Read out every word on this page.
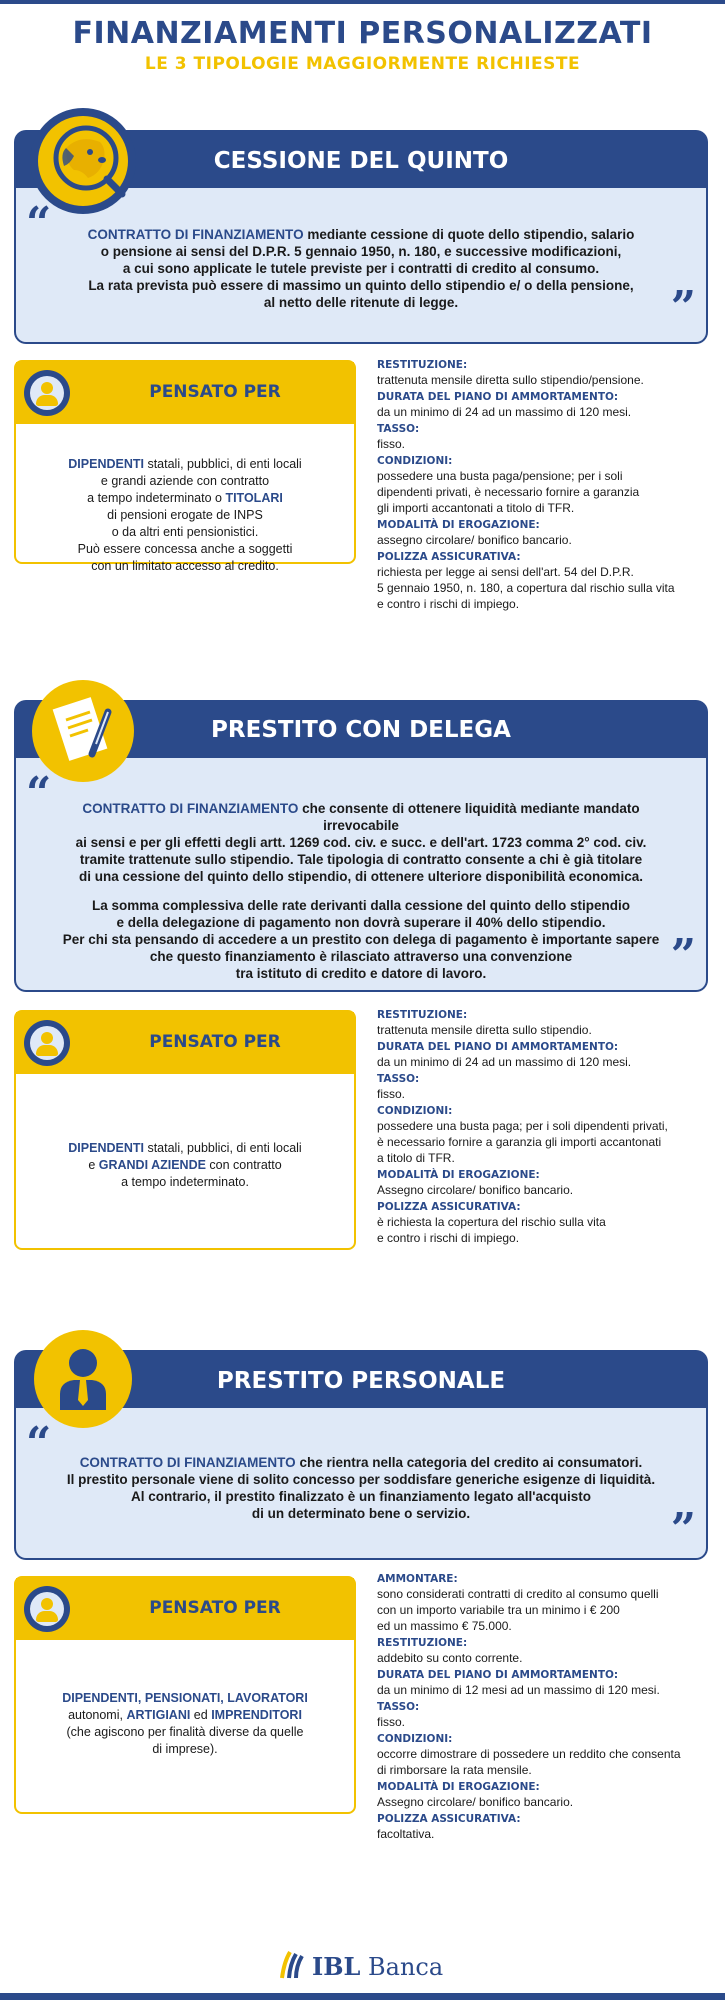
FINANZIAMENTI PERSONALIZZATI
LE 3 TIPOLOGIE MAGGIORMENTE RICHIESTE
CESSIONE DEL QUINTO
“	CONTRATTO DI FINANZIAMENTO mediante cessione di quote dello stipendio, salario
o pensione ai sensi del D.P.R. 5 gennaio 1950, n. 180, e successive modificazioni,
a cui sono applicate le tutele previste per i contratti di credito al consumo.
La rata prevista può essere di massimo un quinto dello stipendio e/ o della pensione,
al netto delle ritenute di legge.	”
PENSATO PER
DIPENDENTI statali, pubblici, di enti locali
e grandi aziende con contratto
a tempo indeterminato o TITOLARI
di pensioni erogate de INPS
o da altri enti pensionistici.
Può essere concessa anche a soggetti
con un limitato accesso al credito.
RESTITUZIONE:
trattenuta mensile diretta sullo stipendio/pensione.
DURATA DEL PIANO DI AMMORTAMENTO:
da un minimo di 24 ad un massimo di 120 mesi.
TASSO:
fisso.
CONDIZIONI:
possedere una busta paga/pensione; per i soli
dipendenti privati, è necessario fornire a garanzia
gli importi accantonati a titolo di TFR.
MODALITÀ DI EROGAZIONE:
assegno circolare/ bonifico bancario.
POLIZZA ASSICURATIVA:
richiesta per legge ai sensi dell'art. 54 del D.P.R.
5 gennaio 1950, n. 180, a copertura dal rischio sulla vita
e contro i rischi di impiego.
PRESTITO CON DELEGA
“	CONTRATTO DI FINANZIAMENTO che consente di ottenere liquidità mediante mandato irrevocabile
ai sensi e per gli effetti degli artt. 1269 cod. civ. e succ. e dell'art. 1723 comma 2° cod. civ.
tramite trattenute sullo stipendio. Tale tipologia di contratto consente a chi è già titolare
di una cessione del quinto dello stipendio, di ottenere ulteriore disponibilità economica.
La somma complessiva delle rate derivanti dalla cessione del quinto dello stipendio
e della delegazione di pagamento non dovrà superare il 40% dello stipendio.
Per chi sta pensando di accedere a un prestito con delega di pagamento è importante sapere
che questo finanziamento è rilasciato attraverso una convenzione
tra istituto di credito e datore di lavoro.	”
PENSATO PER
DIPENDENTI statali, pubblici, di enti locali
e GRANDI AZIENDE con contratto
a tempo indeterminato.
RESTITUZIONE:
trattenuta mensile diretta sullo stipendio.
DURATA DEL PIANO DI AMMORTAMENTO:
da un minimo di 24 ad un massimo di 120 mesi.
TASSO:
fisso.
CONDIZIONI:
possedere una busta paga; per i soli dipendenti privati,
è necessario fornire a garanzia gli importi accantonati
a titolo di TFR.
MODALITÀ DI EROGAZIONE:
Assegno circolare/ bonifico bancario.
POLIZZA ASSICURATIVA:
è richiesta la copertura del rischio sulla vita
e contro i rischi di impiego.
PRESTITO PERSONALE
“	CONTRATTO DI FINANZIAMENTO che rientra nella categoria del credito ai consumatori.
Il prestito personale viene di solito concesso per soddisfare generiche esigenze di liquidità.
Al contrario, il prestito finalizzato è un finanziamento legato all'acquisto
di un determinato bene o servizio.	”
PENSATO PER
DIPENDENTI, PENSIONATI, LAVORATORI
autonomi, ARTIGIANI ed IMPRENDITORI
(che agiscono per finalità diverse da quelle
di imprese).
AMMONTARE:
sono considerati contratti di credito al consumo quelli
con un importo variabile tra un minimo i € 200
ed un massimo € 75.000.
RESTITUZIONE:
addebito su conto corrente.
DURATA DEL PIANO DI AMMORTAMENTO:
da un minimo di 12 mesi ad un massimo di 120 mesi.
TASSO:
fisso.
CONDIZIONI:
occorre dimostrare di possedere un reddito che consenta
di rimborsare la rata mensile.
MODALITÀ DI EROGAZIONE:
Assegno circolare/ bonifico bancario.
POLIZZA ASSICURATIVA:
facoltativa.
IBL Banca
